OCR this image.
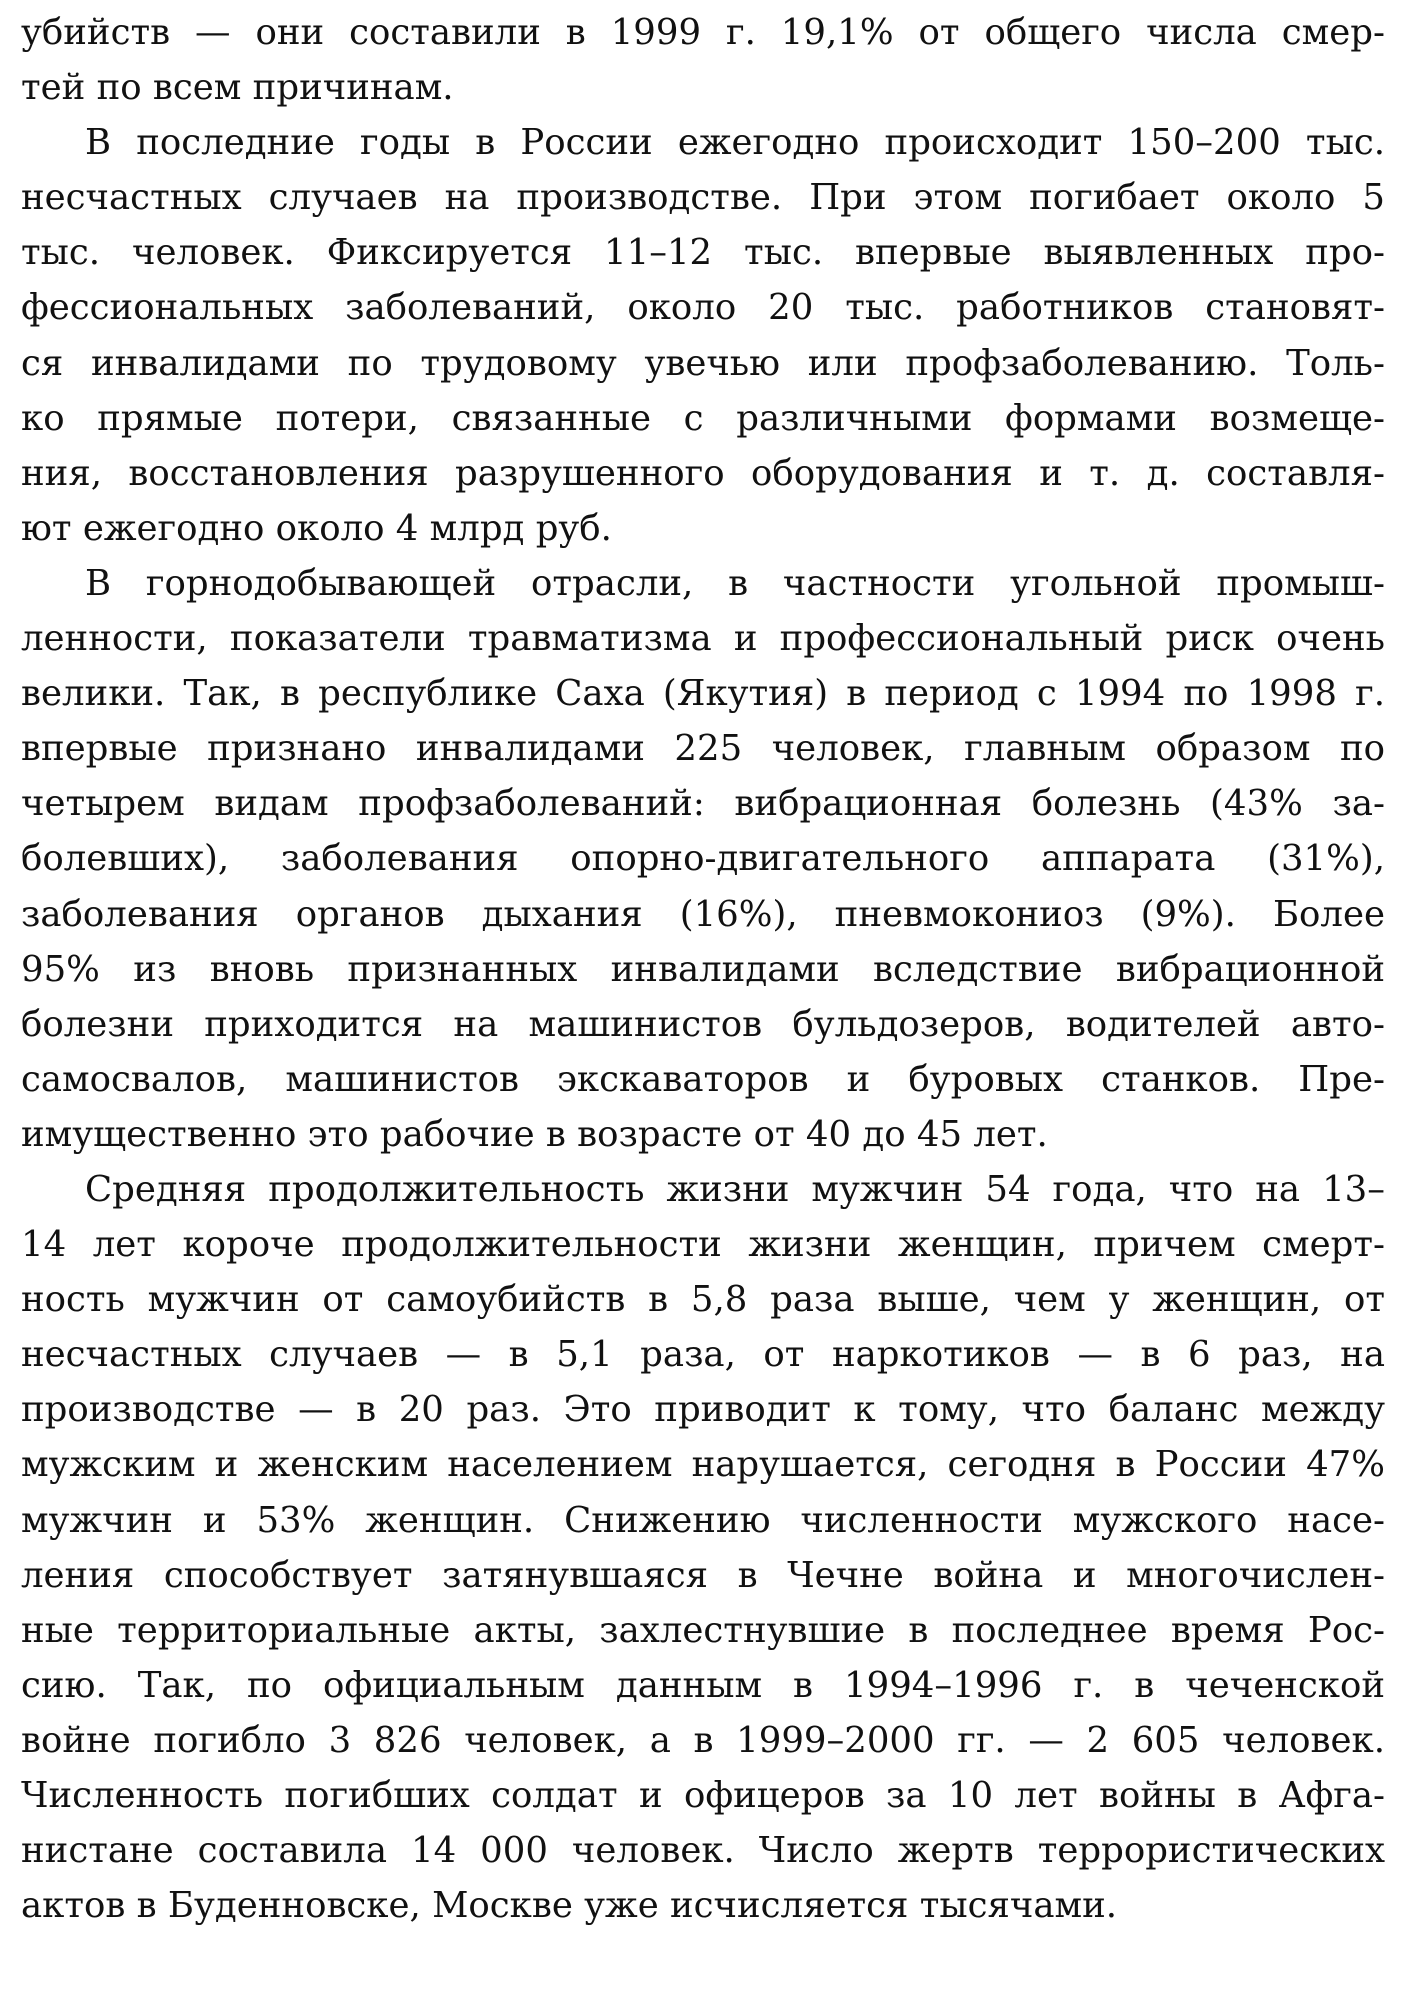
убийств — они составили в 1999 г. 19,1% от общего числа смер-
тей по всем причинам.
В последние годы в России ежегодно происходит 150–200 тыс.
несчастных случаев на производстве. При этом погибает около 5
тыс. человек. Фиксируется 11–12 тыс. впервые выявленных про-
фессиональных заболеваний, около 20 тыс. работников становят-
ся инвалидами по трудовому увечью или профзаболеванию. Толь-
ко прямые потери, связанные с различными формами возмеще-
ния, восстановления разрушенного оборудования и т. д. составля-
ют ежегодно около 4 млрд руб.
В горнодобывающей отрасли, в частности угольной промыш-
ленности, показатели травматизма и профессиональный риск очень
велики. Так, в республике Саха (Якутия) в период с 1994 по 1998 г.
впервые признано инвалидами 225 человек, главным образом по
четырем видам профзаболеваний: вибрационная болезнь (43% за-
болевших), заболевания опорно-двигательного аппарата (31%),
заболевания органов дыхания (16%), пневмокониоз (9%). Более
95% из вновь признанных инвалидами вследствие вибрационной
болезни приходится на машинистов бульдозеров, водителей авто-
самосвалов, машинистов экскаваторов и буровых станков. Пре-
имущественно это рабочие в возрасте от 40 до 45 лет.
Средняя продолжительность жизни мужчин 54 года, что на 13–
14 лет короче продолжительности жизни женщин, причем смерт-
ность мужчин от самоубийств в 5,8 раза выше, чем у женщин, от
несчастных случаев — в 5,1 раза, от наркотиков — в 6 раз, на
производстве — в 20 раз. Это приводит к тому, что баланс между
мужским и женским населением нарушается, сегодня в России 47%
мужчин и 53% женщин. Снижению численности мужского насе-
ления способствует затянувшаяся в Чечне война и многочислен-
ные территориальные акты, захлестнувшие в последнее время Рос-
сию. Так, по официальным данным в 1994–1996 г. в чеченской
войне погибло 3 826 человек, а в 1999–2000 гг. — 2 605 человек.
Численность погибших солдат и офицеров за 10 лет войны в Афга-
нистане составила 14 000 человек. Число жертв террористических
актов в Буденновске, Москве уже исчисляется тысячами.
